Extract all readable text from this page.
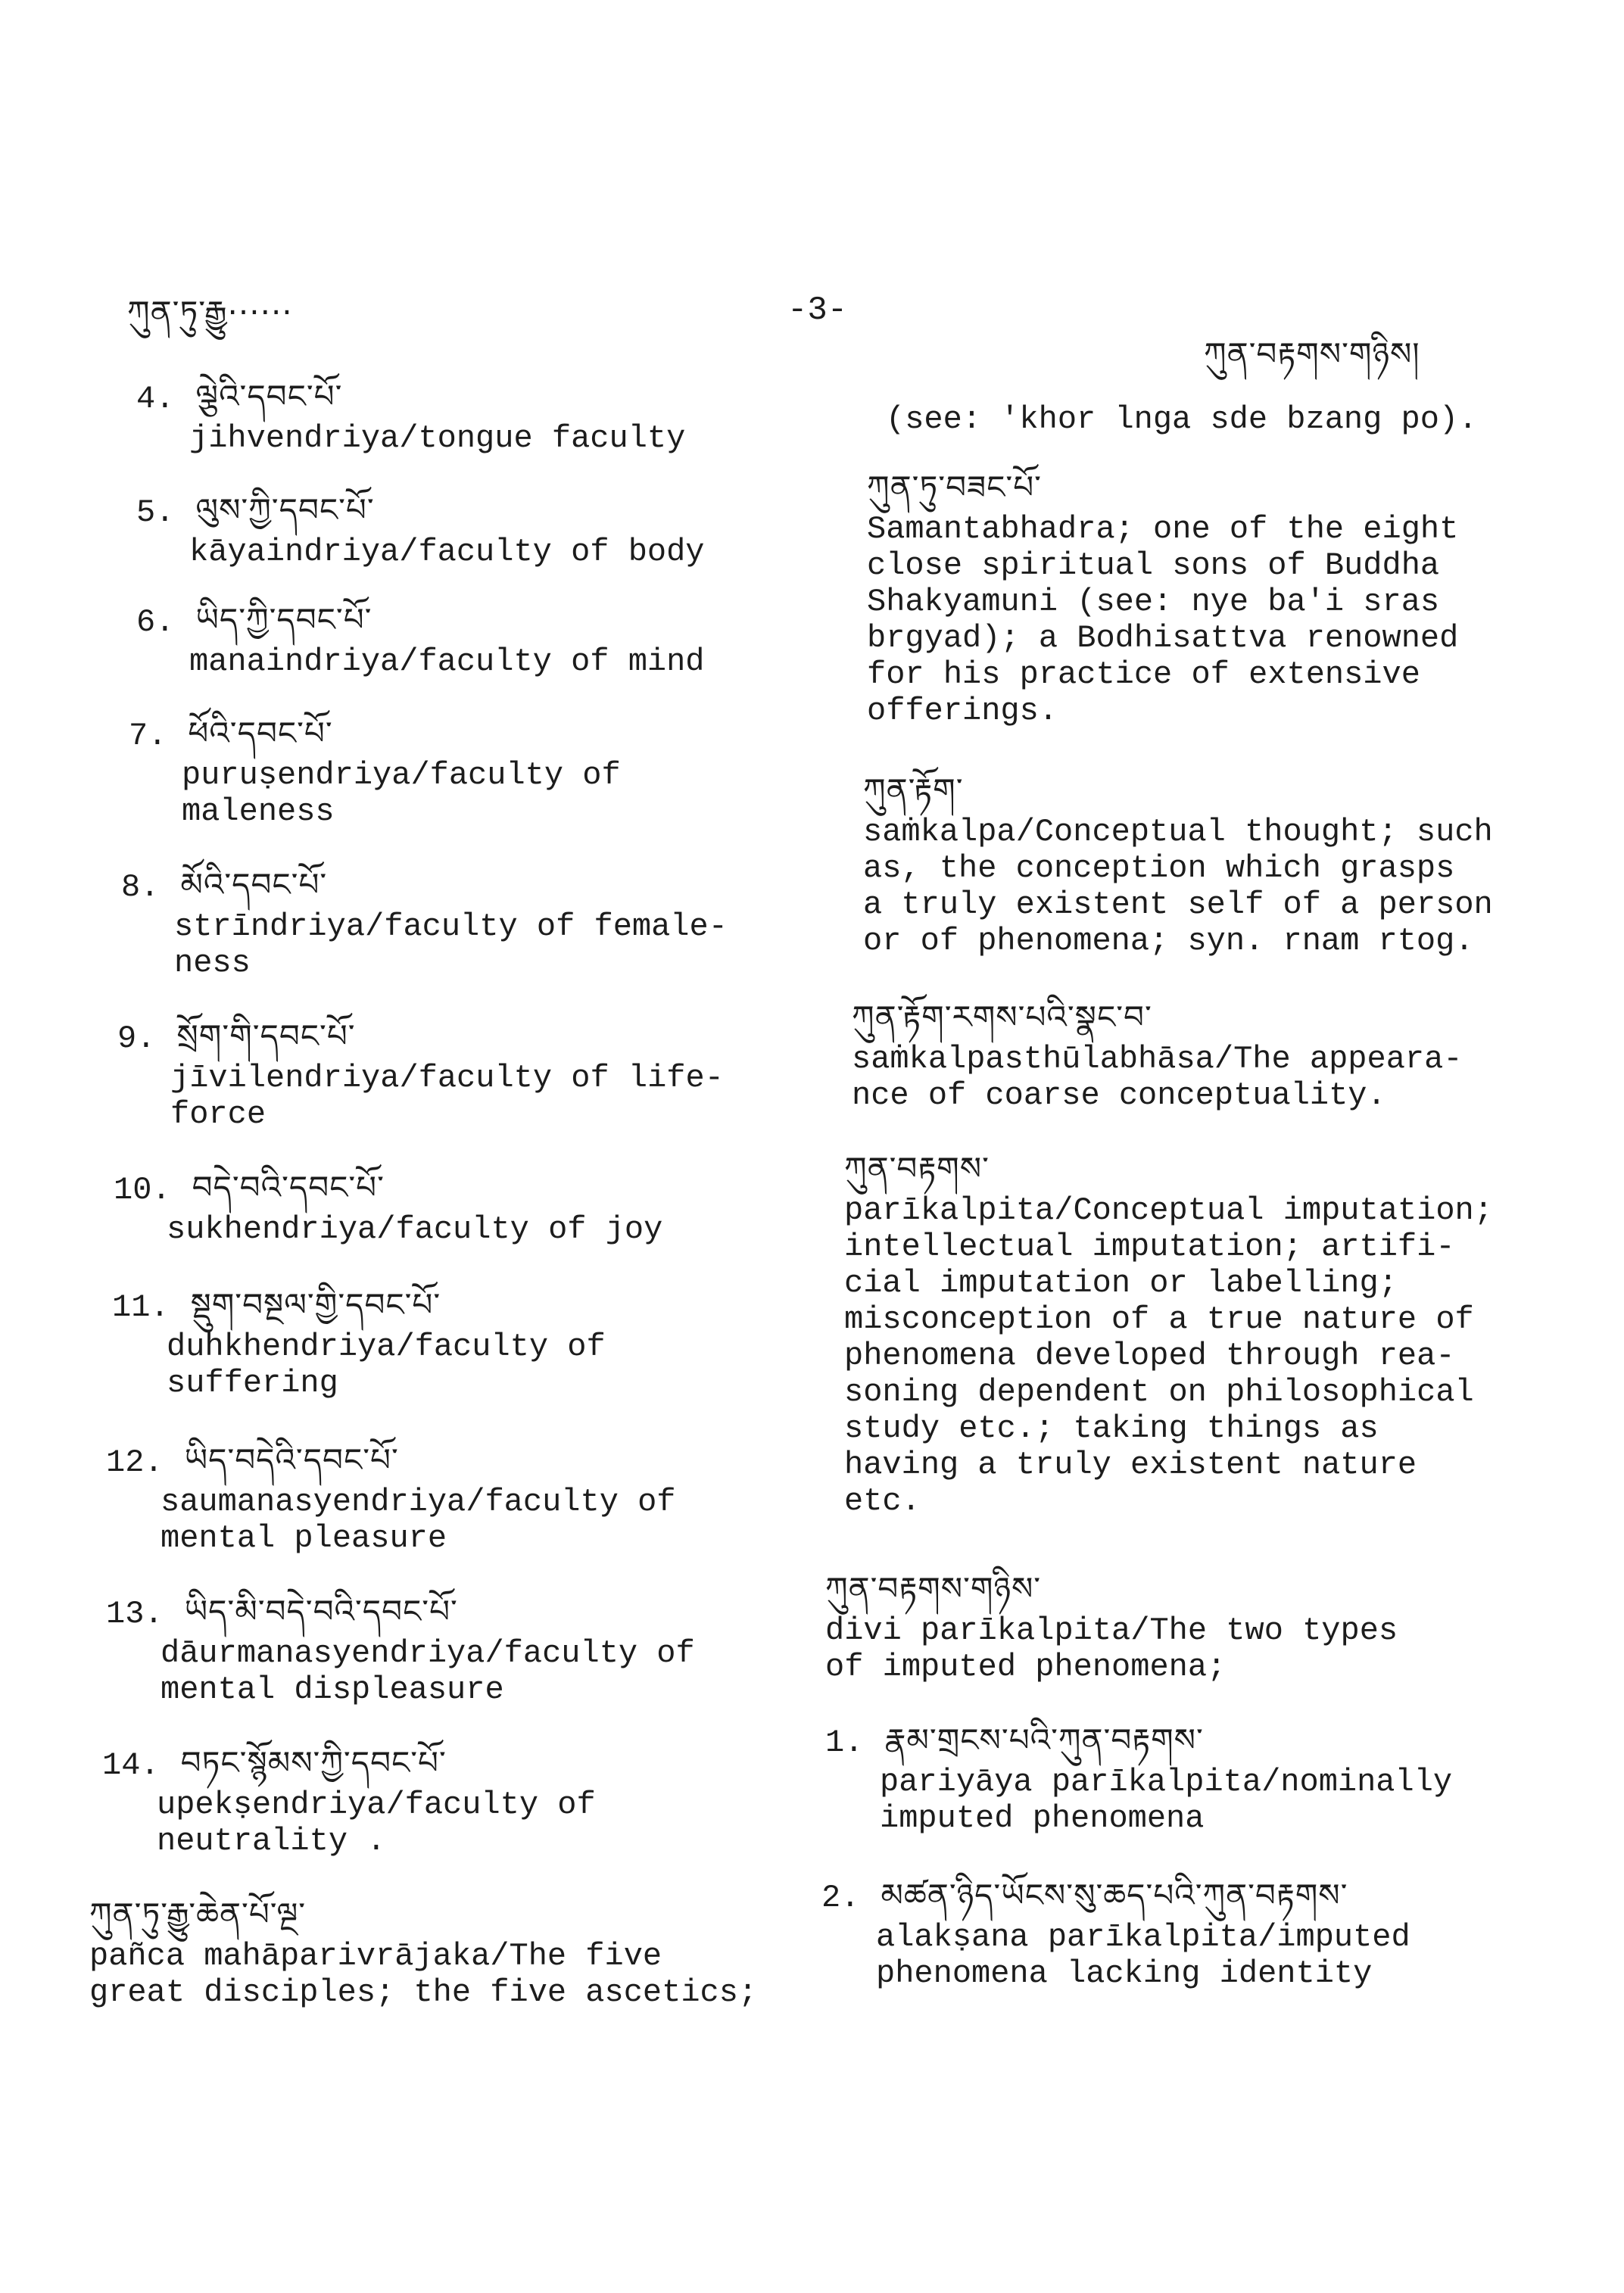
ཀུན་ཏུ་རྒྱུ······	-3-
ཀུན་བརྟགས་གཉིས།
4. ལྕེའི་དབང་པོ་
jihvendriya/tongue faculty
5. ལུས་ཀྱི་དབང་པོ་
kāyaindriya/faculty of body
6. ཡིད་ཀྱི་དབང་པོ་
manaindriya/faculty of mind
7. ཕོའི་དབང་པོ་
puruṣendriya/faculty of
maleness
8. མོའི་དབང་པོ་
strīndriya/faculty of female-
ness
9. སྲོག་གི་དབང་པོ་
jīvilendriya/faculty of life-
force
10. བདེ་བའི་དབང་པོ་
sukhendriya/faculty of joy
11. སྡུག་བསྔལ་གྱི་དབང་པོ་
duhkhendriya/faculty of
suffering
12. ཡིད་བདེའི་དབང་པོ་
saumanasyendriya/faculty of
mental pleasure
13. ཡིད་མི་བདེ་བའི་དབང་པོ་
dāurmanasyendriya/faculty of
mental displeasure
14. བཏང་སྙོམས་ཀྱི་དབང་པོ་
upekṣendriya/faculty of
neutrality .
ཀུན་ཏུ་རྒྱུ་ཆེན་པོ་ལྔ་
pañca mahāparivrājaka/The five
great disciples; the five ascetics;
(see: 'khor lnga sde bzang po).
ཀུན་ཏུ་བཟང་པོ་
Samantabhadra; one of the eight
close spiritual sons of Buddha
Shakyamuni (see: nye ba'i sras
brgyad); a Bodhisattva renowned
for his practice of extensive
offerings.
ཀུན་རྟོག་
saṁkalpa/Conceptual thought; such
as, the conception which grasps
a truly existent self of a person
or of phenomena; syn. rnam rtog.
ཀུན་རྟོག་རགས་པའི་སྣང་བ་
saṁkalpasthūlabhāsa/The appeara-
nce of coarse conceptuality.
ཀུན་བརྟགས་
parīkalpita/Conceptual imputation;
intellectual imputation; artifi-
cial imputation or labelling;
misconception of a true nature of
phenomena developed through rea-
soning dependent on philosophical
study etc.; taking things as
having a truly existent nature
etc.
ཀུན་བརྟགས་གཉིས་
divi parīkalpita/The two types
of imputed phenomena;
1. རྣམ་གྲངས་པའི་ཀུན་བརྟགས་
pariyāya parīkalpita/nominally
imputed phenomena
2. མཚན་ཉིད་ཡོངས་སུ་ཆད་པའི་ཀུན་བརྟགས་
alakṣana parīkalpita/imputed
phenomena lacking identity
